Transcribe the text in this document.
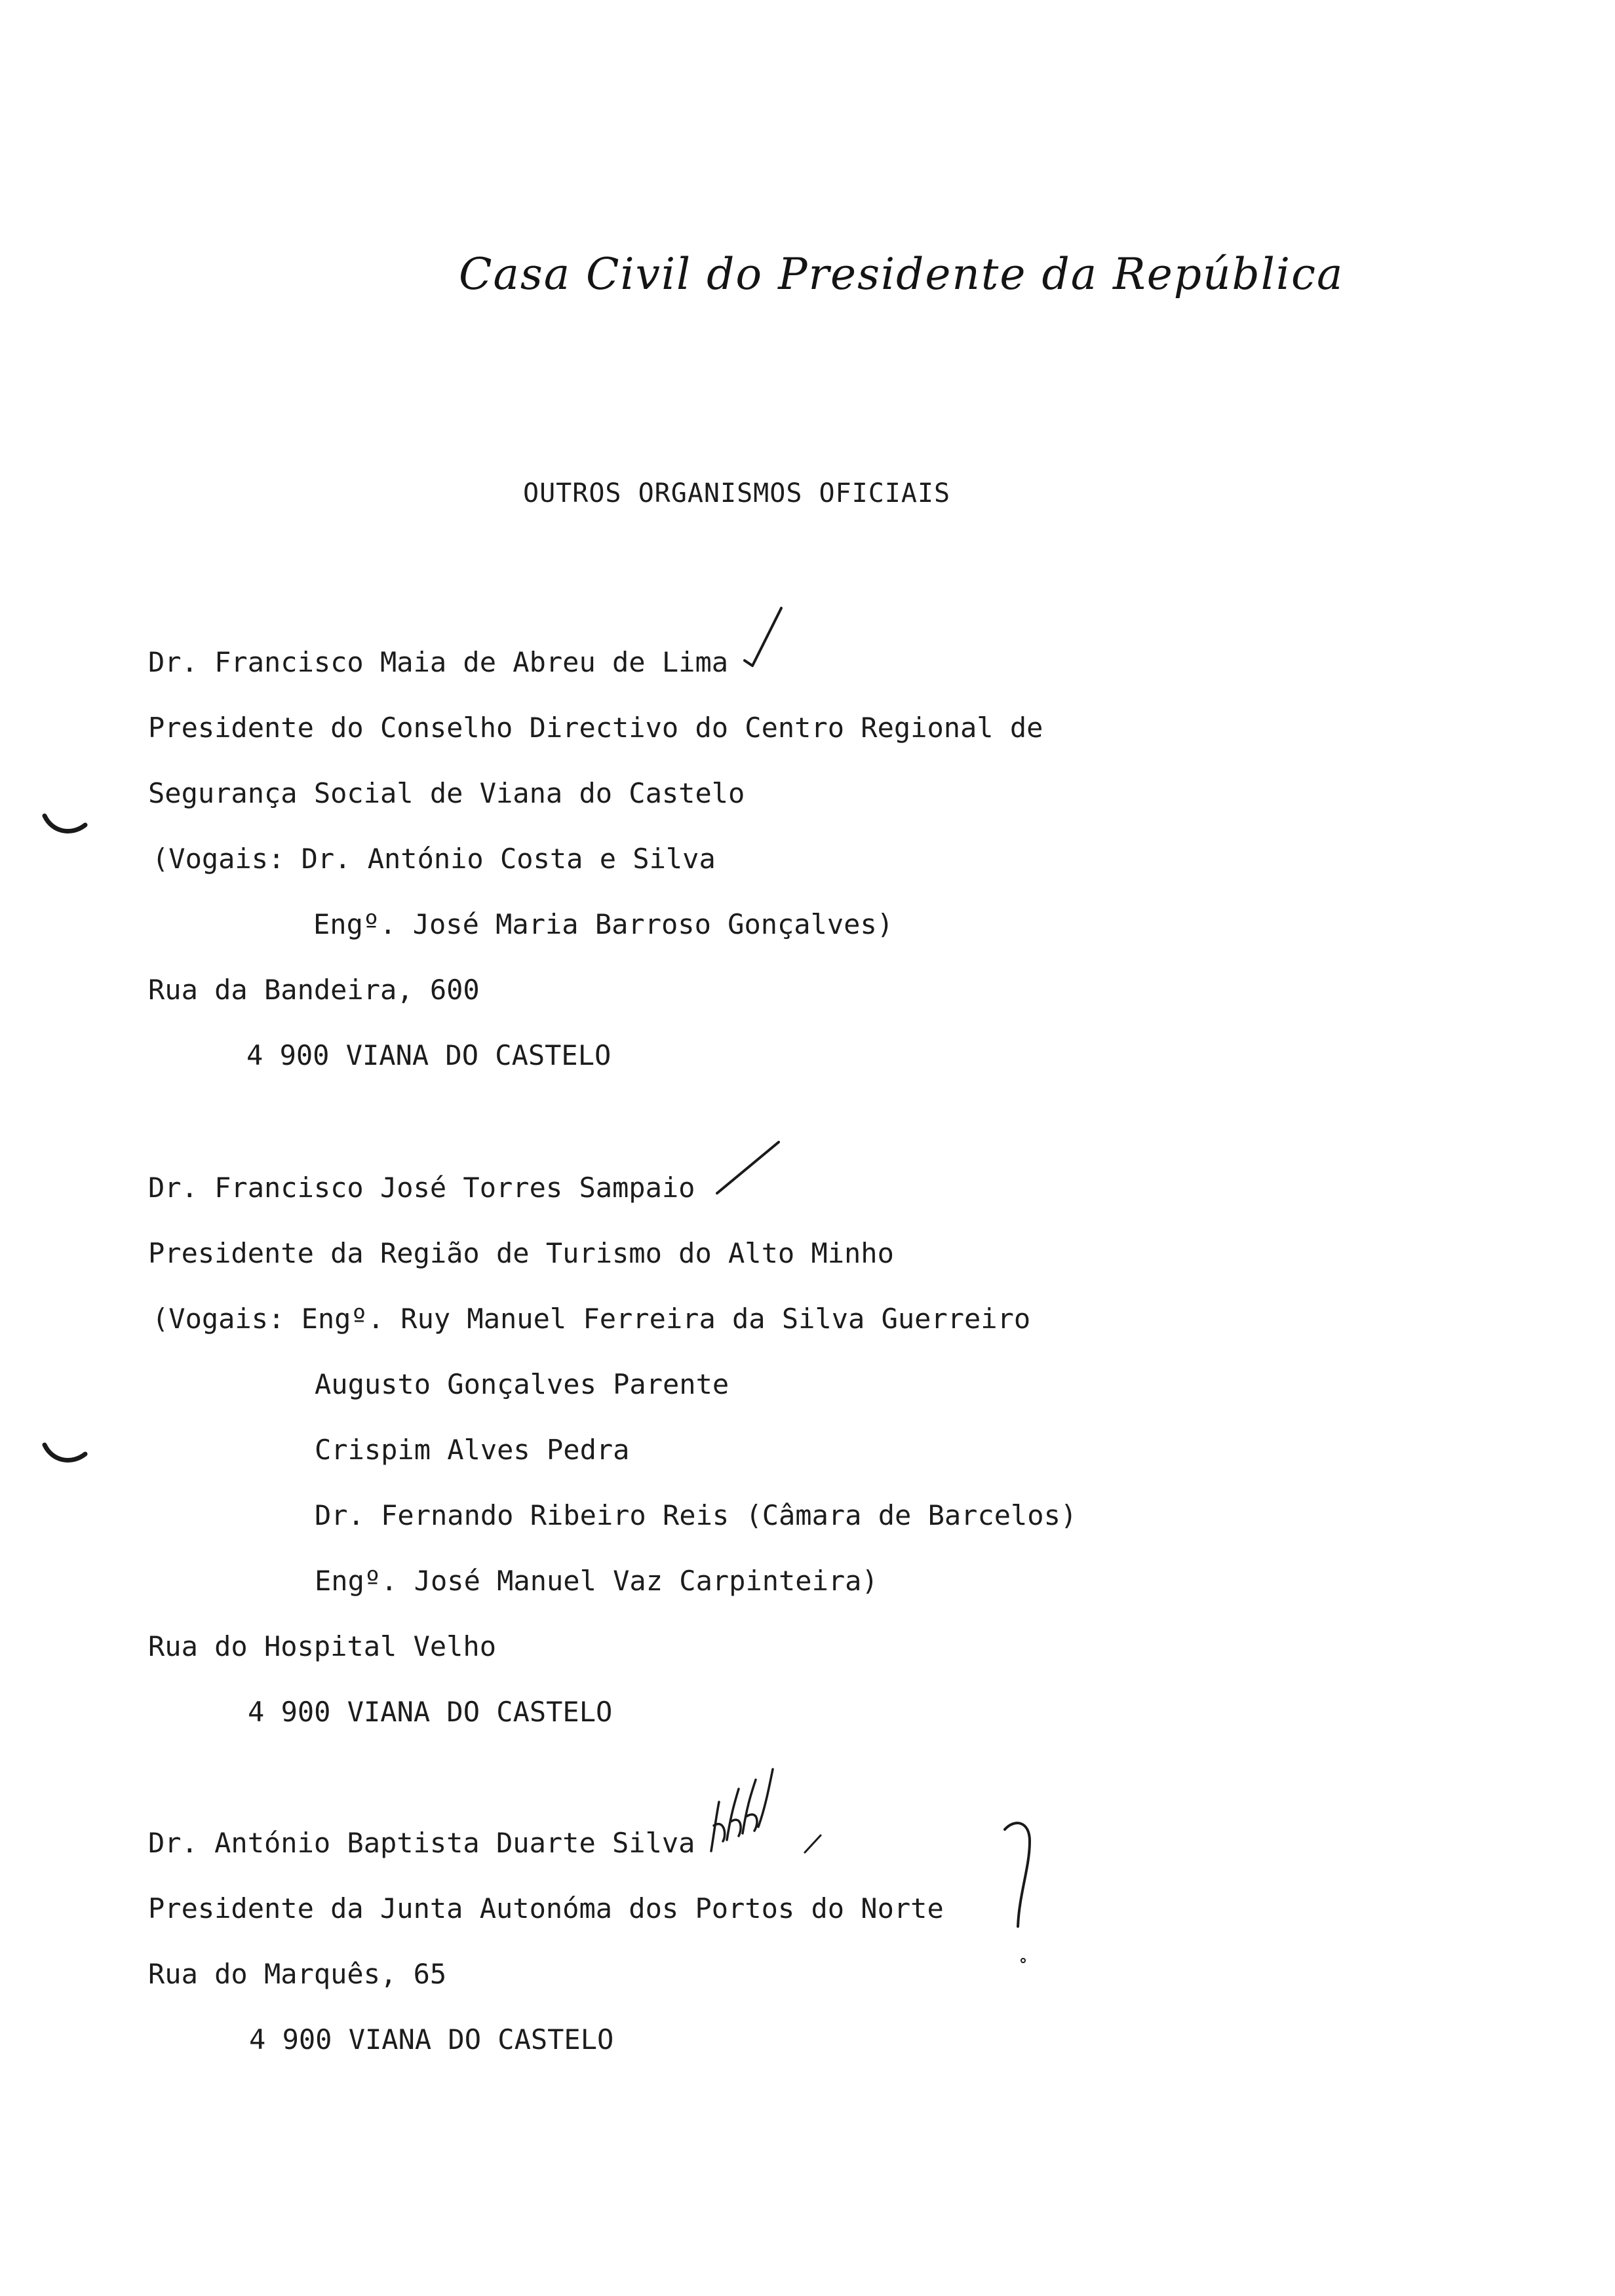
Casa Civil do Presidente da República
OUTROS ORGANISMOS OFICIAIS
Dr. Francisco Maia de Abreu de Lima
Presidente do Conselho Directivo do Centro Regional de
Segurança Social de Viana do Castelo
(Vogais: Dr. António Costa e Silva
Engº. José Maria Barroso Gonçalves)
Rua da Bandeira, 600
4 900 VIANA DO CASTELO
Dr. Francisco José Torres Sampaio
Presidente da Região de Turismo do Alto Minho
(Vogais: Engº. Ruy Manuel Ferreira da Silva Guerreiro
Augusto Gonçalves Parente
Crispim Alves Pedra
Dr. Fernando Ribeiro Reis (Câmara de Barcelos)
Engº. José Manuel Vaz Carpinteira)
Rua do Hospital Velho
4 900 VIANA DO CASTELO
Dr. António Baptista Duarte Silva
Presidente da Junta Autonóma dos Portos do Norte
Rua do Marquês, 65
4 900 VIANA DO CASTELO
